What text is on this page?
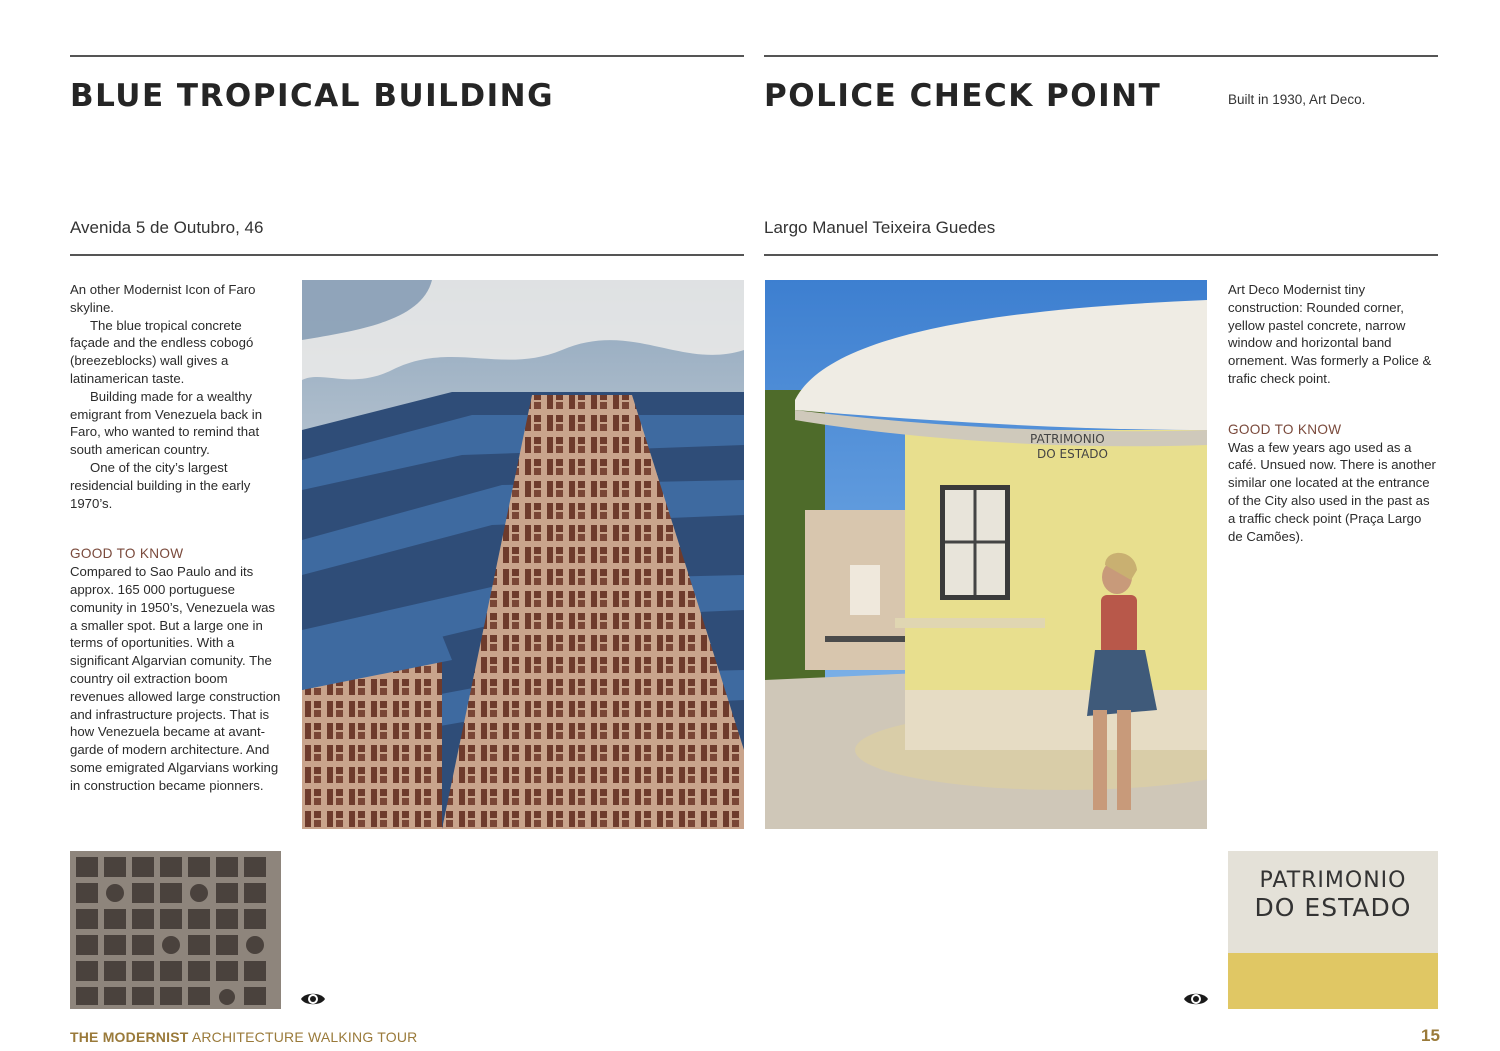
BLUE TROPICAL BUILDING	POLICE CHECK POINT	Built in 1930, Art Deco.
Avenida 5 de Outubro, 46	Largo Manuel Teixeira Guedes

An other Modernist Icon of Faro skyline.

The blue tropical concrete façade and the endless cobogó (breezeblocks) wall gives a latinamerican taste.

Building made for a wealthy emigrant from Venezuela back in Faro, who wanted to remind that south american country.

One of the city’s largest residencial building in the early 1970’s.

GOOD TO KNOW

Compared to Sao Paulo and its approx. 165 000 portuguese comunity in 1950’s, Venezuela was a smaller spot. But a large one in terms of oportunities. With a significant Algarvian comunity. The country oil extraction boom revenues allowed large construction and infrastructure projects. That is how Venezuela became at avant-garde of modern architecture. And some emigrated Algarvians working in construction became pionners.

Art Deco Modernist tiny construction: Rounded corner, yellow pastel concrete, narrow window and horizontal band ornement. Was formerly a Police & trafic check point.

GOOD TO KNOW

Was a few years ago used as a café. Unsued now. There is another similar one located at the entrance of the City also used in the past as a traffic check point (Praça Largo de Camões).

PATRIMONIO
DO ESTADO
PATRIMONIO
DO ESTADO
THE MODERNIST ARCHITECTURE WALKING TOUR	15
